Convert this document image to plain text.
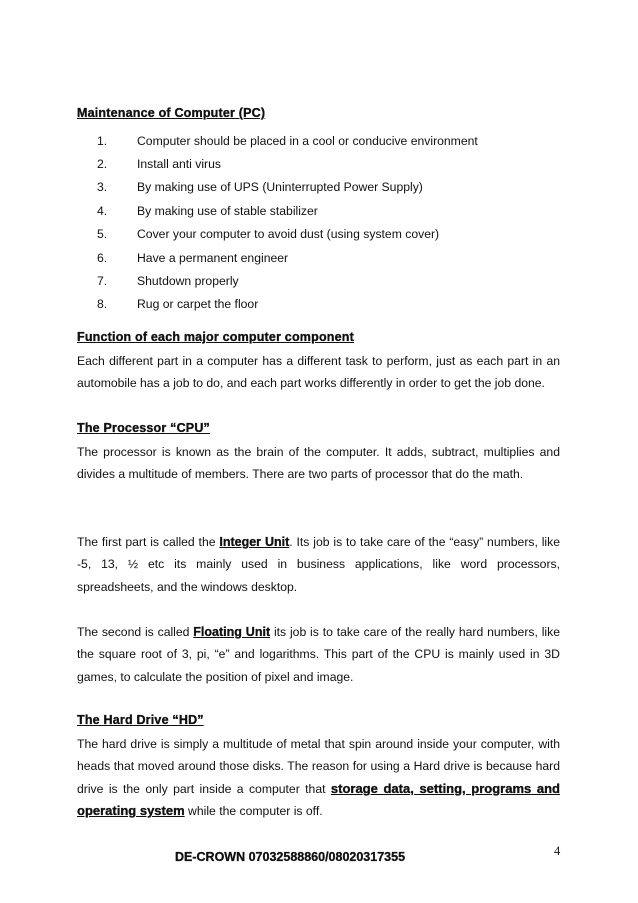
Maintenance of Computer (PC)
1.	Computer should be placed in a cool or conducive environment
2.	Install anti virus
3.	By making use of UPS (Uninterrupted Power Supply)
4.	By making use of stable stabilizer
5.	Cover your computer to avoid dust (using system cover)
6.	Have a permanent engineer
7.	Shutdown properly
8.	Rug or carpet the floor
Function of each major computer component
Each different part in a computer has a different task to perform, just as each part in an automobile has a job to do, and each part works differently in order to get the job done.
The Processor “CPU”
The processor is known as the brain of the computer. It adds, subtract, multiplies and divides a multitude of members. There are two parts of processor that do the math.
The first part is called the Integer Unit. Its job is to take care of the “easy” numbers, like -5, 13, ½ etc its mainly used in business applications, like word processors, spreadsheets, and the windows desktop.
The second is called Floating Unit its job is to take care of the really hard numbers, like the square root of 3, pi, “e” and logarithms. This part of the CPU is mainly used in 3D games, to calculate the position of pixel and image.
The Hard Drive “HD”
The hard drive is simply a multitude of metal that spin around inside your computer, with heads that moved around those disks. The reason for using a Hard drive is because hard drive is the only part inside a computer that storage data, setting, programs and operating system while the computer is off.
4
DE-CROWN 07032588860/08020317355
